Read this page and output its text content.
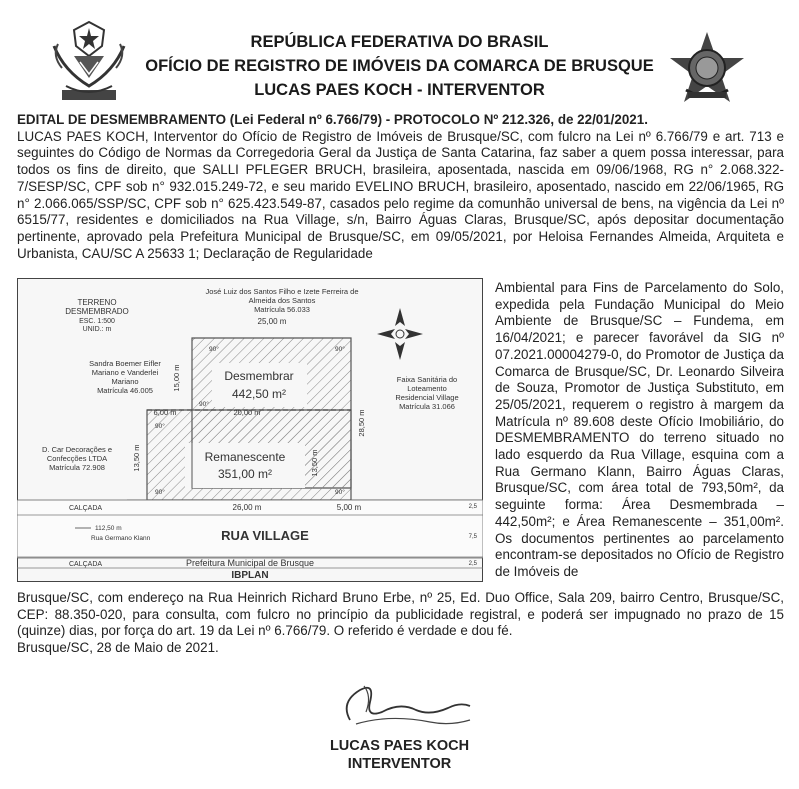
REPÚBLICA FEDERATIVA DO BRASIL
OFÍCIO DE REGISTRO DE IMÓVEIS DA COMARCA DE BRUSQUE
LUCAS PAES KOCH - INTERVENTOR
EDITAL DE DESMEMBRAMENTO (Lei Federal nº 6.766/79) - PROTOCOLO Nº 212.326, de 22/01/2021.
LUCAS PAES KOCH, Interventor do Ofício de Registro de Imóveis de Brusque/SC, com fulcro na Lei nº 6.766/79 e art. 713 e seguintes do Código de Normas da Corregedoria Geral da Justiça de Santa Catarina, faz saber a quem possa interessar, para todos os fins de direito, que SALLI PFLEGER BRUCH, brasileira, aposentada, nascida em 09/06/1968, RG n° 2.068.322-7/SESP/SC, CPF sob n° 932.015.249-72, e seu marido EVELINO BRUCH, brasileiro, aposentado, nascido em 22/06/1965, RG n° 2.066.065/SSP/SC, CPF sob n° 625.423.549-87, casados pelo regime da comunhão universal de bens, na vigência da Lei nº 6515/77, residentes e domiciliados na Rua Village, s/n, Bairro Águas Claras, Brusque/SC, após depositar documentação pertinente, aprovado pela Prefeitura Municipal de Brusque/SC, em 09/05/2021, por Heloisa Fernandes Almeida, Arquiteta e Urbanista, CAU/SC A 25633 1; Declaração de Regularidade
TERRENO
DESMEMBRADO
ESC. 1:500
UNID.: m
José Luiz dos Santos Filho e Izete Ferreira de
Almeida dos Santos
Matrícula 56.033
25,00 m
Desmembrar
442,50 m²
Remanescente
351,00 m²
Sandra Boemer Eifler
Mariano e Vanderlei
Mariano
Matrícula 46.005
D. Car Decorações e
Confecções LTDA
Matrícula 72.908
Faixa Sanitária do
Loteamento
Residencial Village
Matrícula 31.066
15,00 m
6,00 m	20,00 m
13,50 m	13,50 m
28,50 m
26,00 m	5,00 m
CALÇADA
CALÇADA
RUA VILLAGE
112,50 m
Rua Germano Klann
Prefeitura Municipal de Brusque
IBPLAN
90°	90°
90°
90°
90°	90°
2,5
7,5
2,5
Ambiental para Fins de Parcelamento do Solo, expedida pela Fundação Municipal do Meio Ambiente de Brusque/SC – Fundema, em 16/04/2021; e parecer favorável da SIG nº 07.2021.00004279-0, do Promotor de Justiça da Comarca de Brusque/SC, Dr. Leonardo Silveira de Souza, Promotor de Justiça Substituto, em 25/05/2021, requerem o registro à margem da Matrícula nº 89.608 deste Ofício Imobiliário, do DESMEMBRAMENTO do terreno situado no lado esquerdo da Rua Village, esquina com a Rua Germano Klann, Bairro Águas Claras, Brusque/SC, com área total de 793,50m², da seguinte forma: Área Desmembrada – 442,50m²; e Área Remanescente – 351,00m². Os documentos pertinentes ao parcelamento encontram-se depositados no Ofício de Registro de Imóveis de
Brusque/SC, com endereço na Rua Heinrich Richard Bruno Erbe, nº 25, Ed. Duo Office, Sala 209, bairro Centro, Brusque/SC, CEP: 88.350-020, para consulta, com fulcro no princípio da publicidade registral, e poderá ser impugnado no prazo de 15 (quinze) dias, por força do art. 19 da Lei nº 6.766/79. O referido é verdade e dou fé.
Brusque/SC, 28 de Maio de 2021.
LUCAS PAES KOCH
INTERVENTOR
